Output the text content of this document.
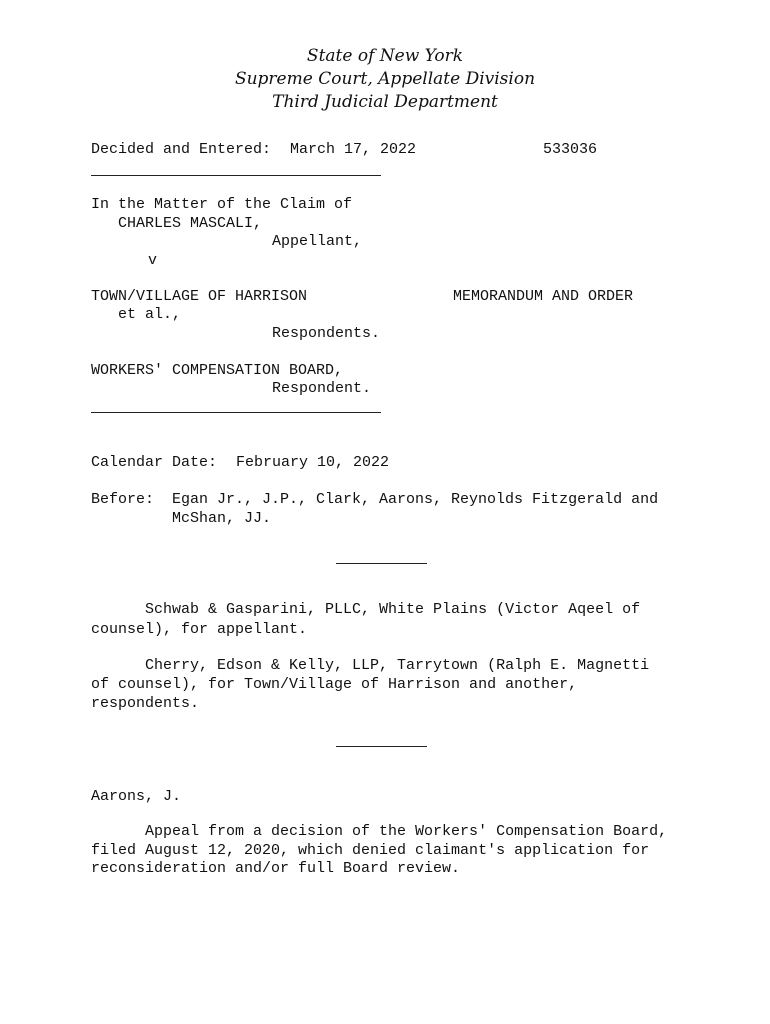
State of New York
Supreme Court, Appellate Division
Third Judicial Department
Decided and Entered: March 17, 2022	533036
In the Matter of the Claim of
CHARLES MASCALI,
Appellant,
v
TOWN/VILLAGE OF HARRISON	MEMORANDUM AND ORDER
et al.,
Respondents.
WORKERS' COMPENSATION BOARD,
Respondent.
Calendar Date: February 10, 2022
Before: Egan Jr., J.P., Clark, Aarons, Reynolds Fitzgerald and
McShan, JJ.
Schwab & Gasparini, PLLC, White Plains (Victor Aqeel of
counsel), for appellant.
Cherry, Edson & Kelly, LLP, Tarrytown (Ralph E. Magnetti
of counsel), for Town/Village of Harrison and another,
respondents.
Aarons, J.
Appeal from a decision of the Workers' Compensation Board,
filed August 12, 2020, which denied claimant's application for
reconsideration and/or full Board review.
